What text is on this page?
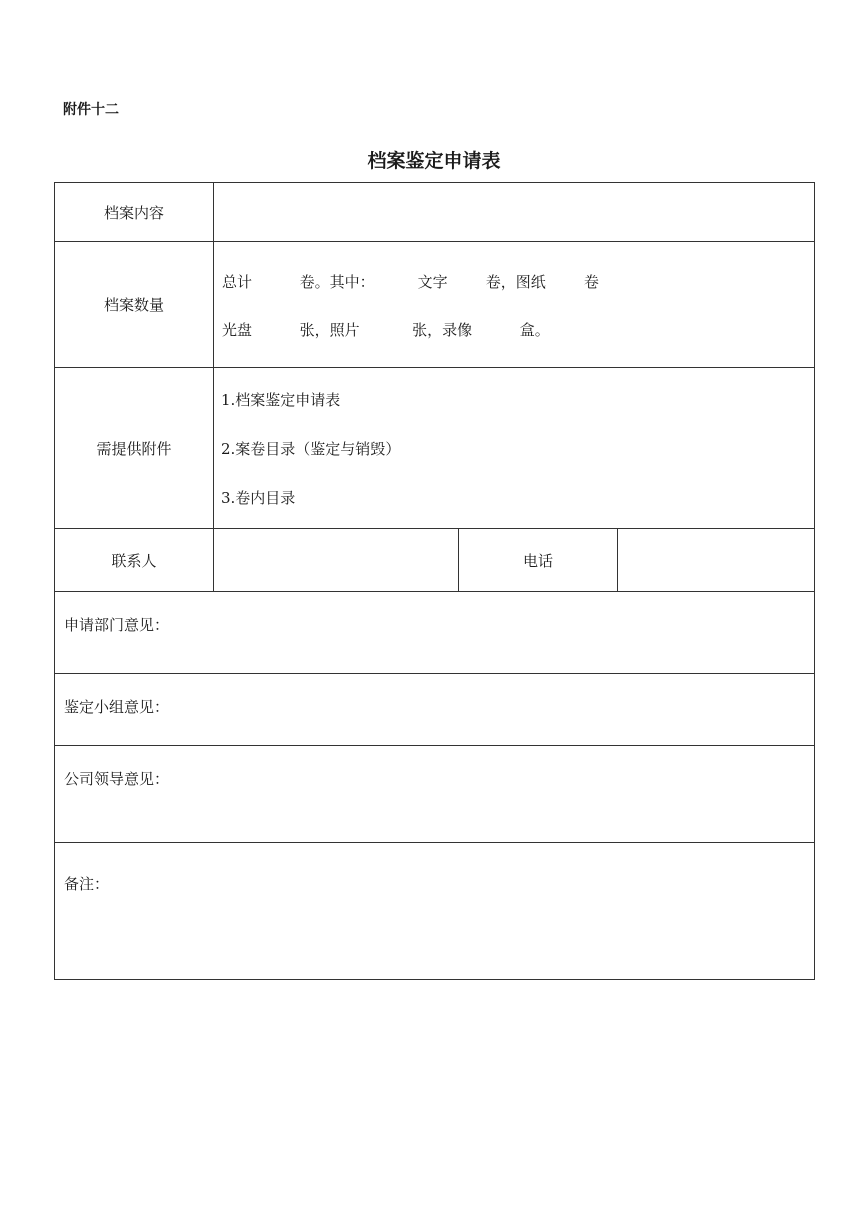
附件十二
档案鉴定申请表
档案内容
档案数量
总计          卷。其中：         文字        卷，图纸        卷
光盘          张，照片           张，录像          盒。
需提供附件
1.档案鉴定申请表
2.案卷目录（鉴定与销毁）
3.卷内目录
联系人	电话
申请部门意见：
鉴定小组意见：
公司领导意见：
备注：
